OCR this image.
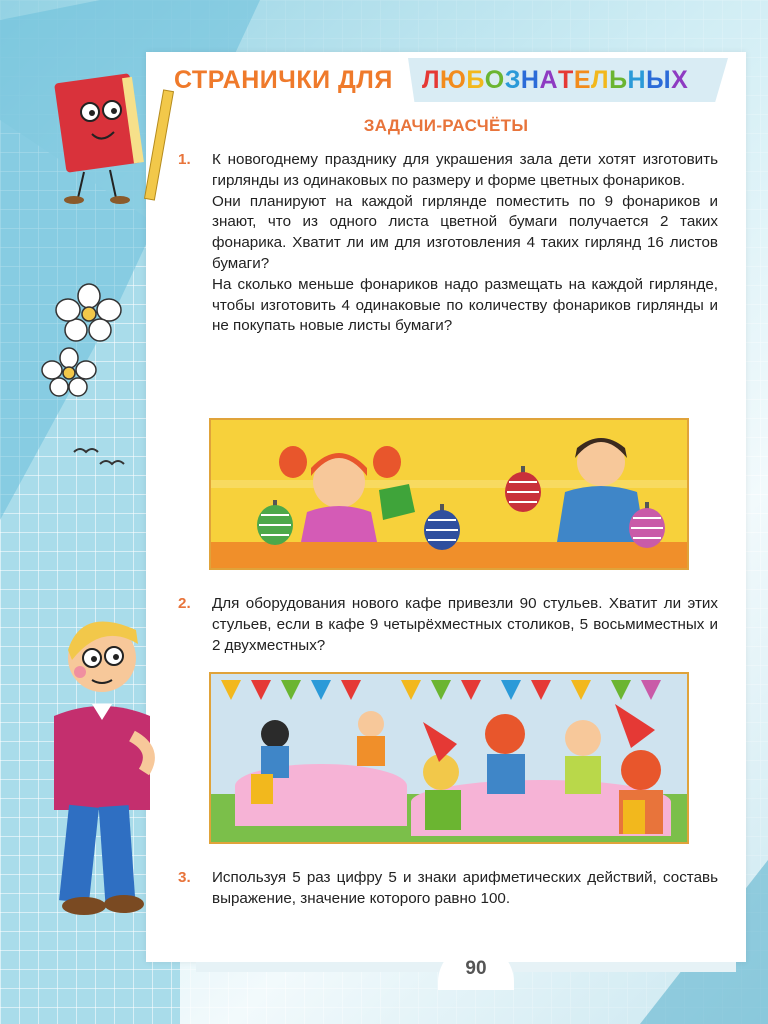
СТРАНИЧКИ ДЛЯ Л Ю Б О З Н А Т Е Л Ь Н Ы Х
ЗАДАЧИ-РАСЧЁТЫ
1. К новогоднему празднику для украшения зала дети хотят изготовить гирлянды из одинаковых по размеру и форме цветных фонариков.

Они планируют на каждой гирлянде поместить по 9 фонариков и знают, что из одного листа цветной бумаги получается 2 таких фонарика. Хватит ли им для изготовления 4 таких гирлянд 16 листов бумаги?

На сколько меньше фонариков надо размещать на каждой гирлянде, чтобы изготовить 4 одинаковые по количеству фонариков гирлянды и не покупать новые листы бумаги?

2. Для оборудования нового кафе привезли 90 стульев. Хватит ли этих стульев, если в кафе 9 четырёхместных столиков, 5 восьмиместных и 2 двухместных?

3. Используя 5 раз цифру 5 и знаки арифметических действий, составь выражение, значение которого равно 100.

90
